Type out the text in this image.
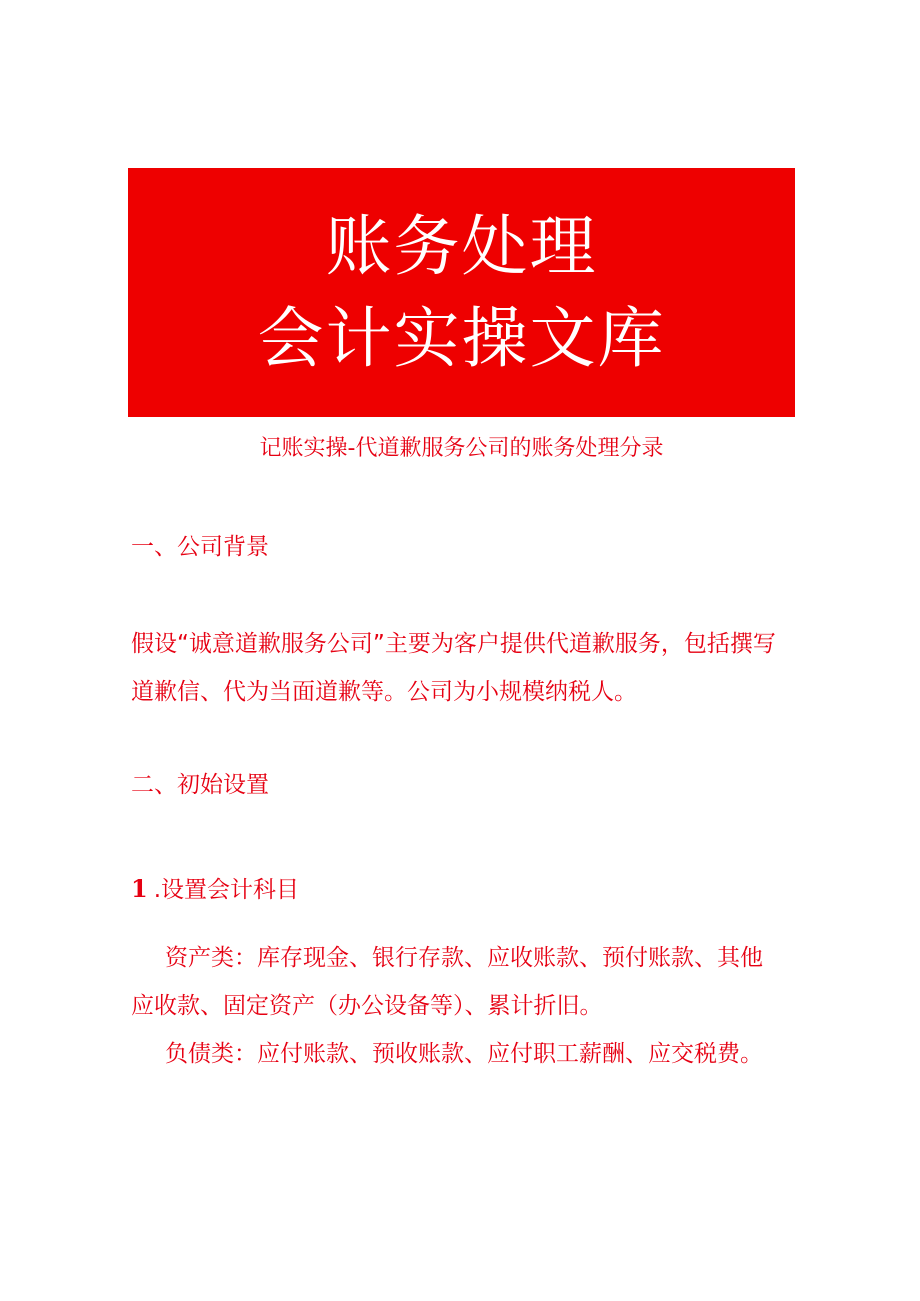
账务处理
会计实操文库
记账实操-代道歉服务公司的账务处理分录
一、公司背景

假设“诚意道歉服务公司”主要为客户提供代道歉服务，包括撰写道歉信、代为当面道歉等。公司为小规模纳税人。

二、初始设置
1 .设置会计科目

资产类：库存现金、银行存款、应收账款、预付账款、其他应收款、固定资产（办公设备等）、累计折旧。

负债类：应付账款、预收账款、应付职工薪酬、应交税费。
